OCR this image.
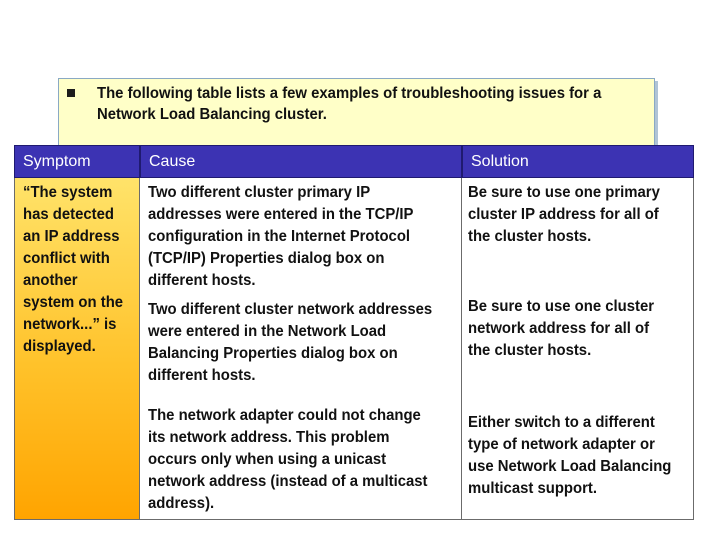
The following table lists a few examples of troubleshooting issues for a Network Load Balancing cluster.
Symptom	Cause	Solution
“The system
has detected
an IP address
conflict with
another
system on the
network...” is
displayed.
Two different cluster primary IP
addresses were entered in the TCP/IP
configuration in the Internet Protocol
(TCP/IP) Properties dialog box on
different hosts.
Two different cluster network addresses
were entered in the Network Load
Balancing Properties dialog box on
different hosts.
The network adapter could not change
its network address. This problem
occurs only when using a unicast
network address (instead of a multicast
address).
Be sure to use one primary
cluster IP address for all of
the cluster hosts.
Be sure to use one cluster
network address for all of
the cluster hosts.
Either switch to a different
type of network adapter or
use Network Load Balancing
multicast support.
